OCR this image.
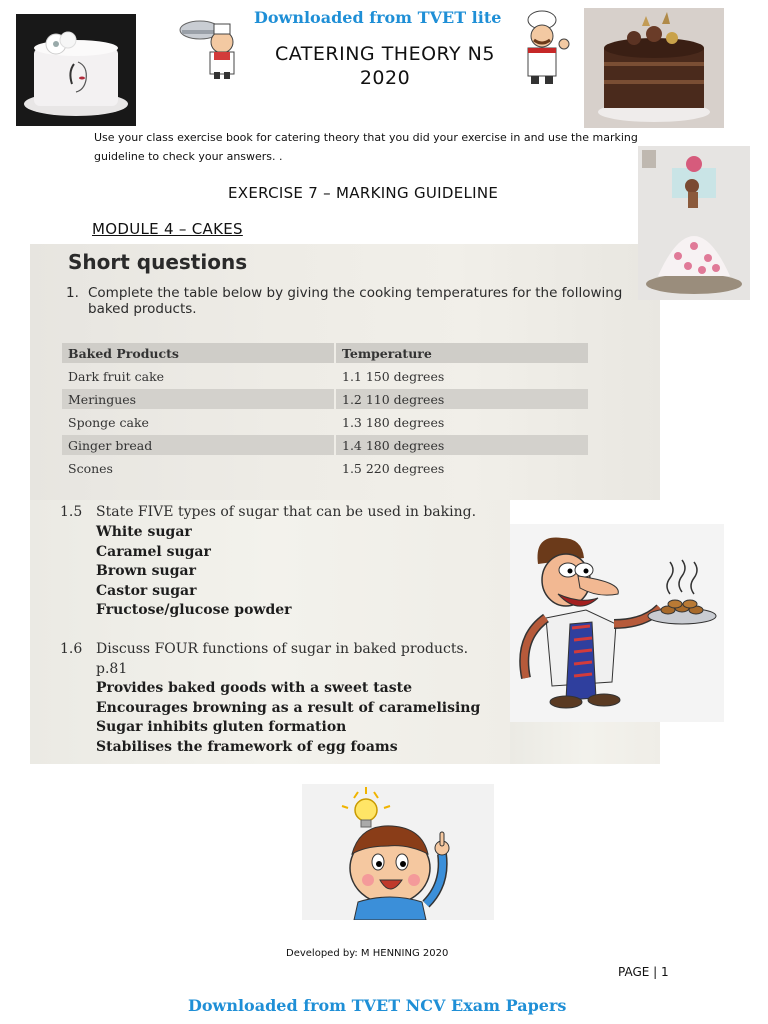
Downloaded from TVET lite
CATERING THEORY N5
2020
Use your class exercise book for catering theory that you did your exercise in and use the marking guideline to check your answers. .
EXERCISE 7 – MARKING GUIDELINE
MODULE 4 – CAKES
Short questions
1. Complete the table below by giving the cooking temperatures for the following baked products.
Baked Products	Temperature
Dark fruit cake	1.1 150 degrees
Meringues	1.2 110 degrees
Sponge cake	1.3 180 degrees
Ginger bread	1.4 180 degrees
Scones	1.5 220 degrees
1.5 State FIVE types of sugar that can be used in baking.
White sugar
Caramel sugar
Brown sugar
Castor sugar
Fructose/glucose powder
1.6 Discuss FOUR functions of sugar in baked products.
p.81
Provides baked goods with a sweet taste
Encourages browning as a result of caramelising
Sugar inhibits gluten formation
Stabilises the framework of egg foams
Developed by: M HENNING 2020
PAGE | 1
Downloaded from TVET NCV Exam Papers
